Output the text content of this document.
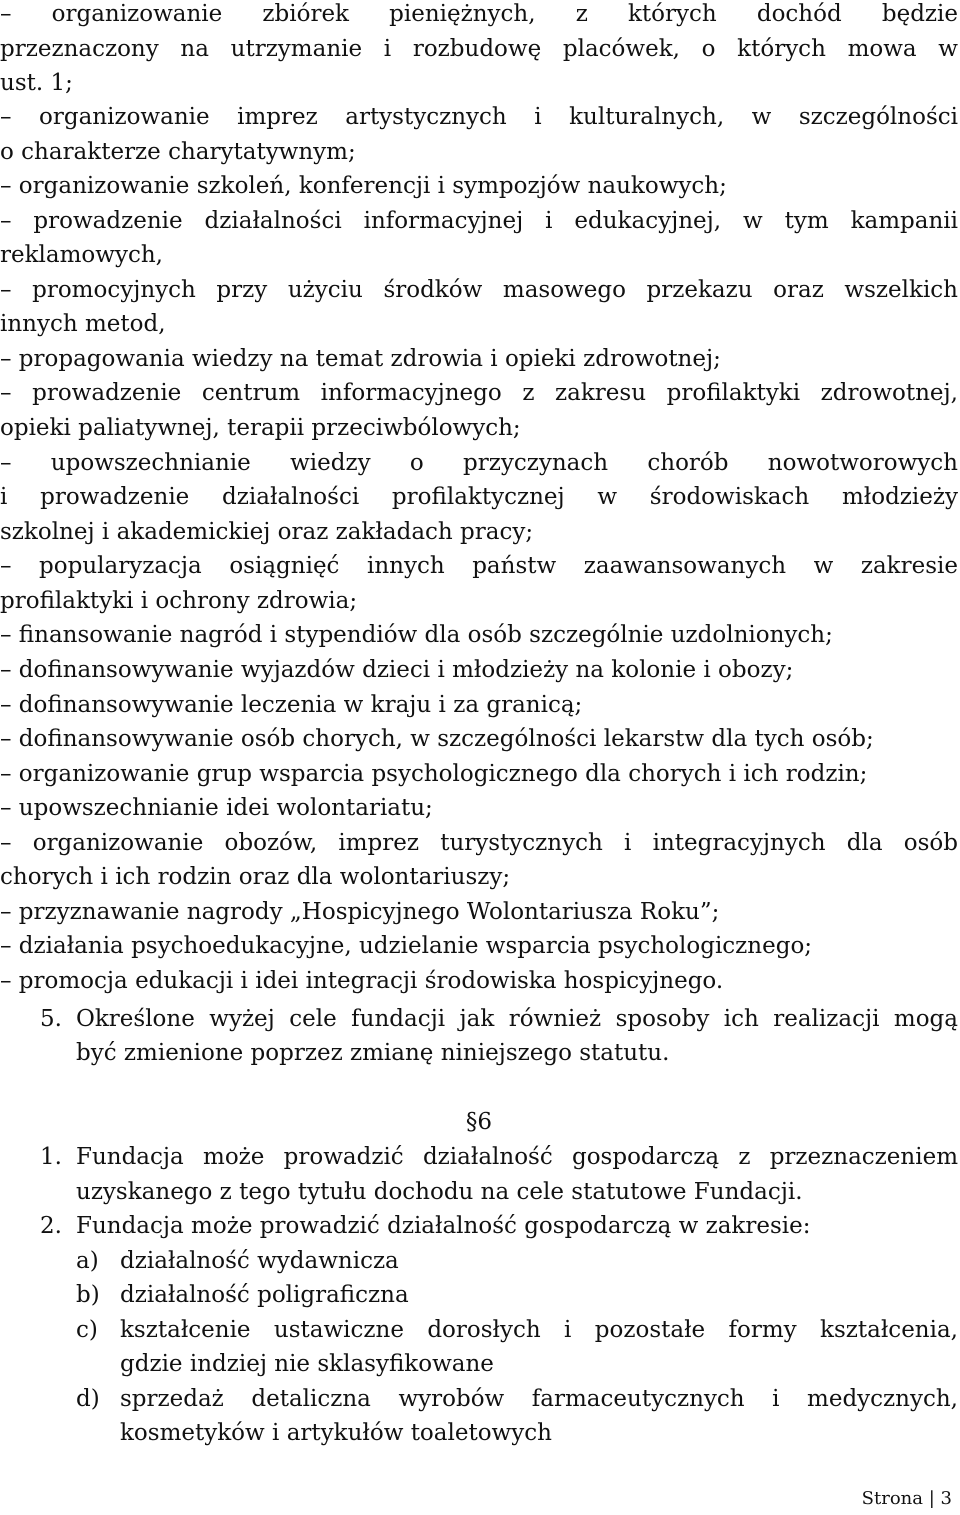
– organizowanie zbiórek pieniężnych, z których dochód będzie
przeznaczony na utrzymanie i rozbudowę placówek, o których mowa w
ust. 1;
– organizowanie imprez artystycznych i kulturalnych, w szczególności
o charakterze charytatywnym;
– organizowanie szkoleń, konferencji i sympozjów naukowych;
– prowadzenie działalności informacyjnej i edukacyjnej, w tym kampanii
reklamowych,
– promocyjnych przy użyciu środków masowego przekazu oraz wszelkich
innych metod,
– propagowania wiedzy na temat zdrowia i opieki zdrowotnej;
– prowadzenie centrum informacyjnego z zakresu profilaktyki zdrowotnej,
opieki paliatywnej, terapii przeciwbólowych;
– upowszechnianie wiedzy o przyczynach chorób nowotworowych
i prowadzenie działalności profilaktycznej w środowiskach młodzieży
szkolnej i akademickiej oraz zakładach pracy;
– popularyzacja osiągnięć innych państw zaawansowanych w zakresie
profilaktyki i ochrony zdrowia;
– finansowanie nagród i stypendiów dla osób szczególnie uzdolnionych;
– dofinansowywanie wyjazdów dzieci i młodzieży na kolonie i obozy;
– dofinansowywanie leczenia w kraju i za granicą;
– dofinansowywanie osób chorych, w szczególności lekarstw dla tych osób;
– organizowanie grup wsparcia psychologicznego dla chorych i ich rodzin;
– upowszechnianie idei wolontariatu;
– organizowanie obozów, imprez turystycznych i integracyjnych dla osób
chorych i ich rodzin oraz dla wolontariuszy;
– przyznawanie nagrody „Hospicyjnego Wolontariusza Roku”;
– działania psychoedukacyjne, udzielanie wsparcia psychologicznego;
– promocja edukacji i idei integracji środowiska hospicyjnego.
5. Określone wyżej cele fundacji jak również sposoby ich realizacji mogą
być zmienione poprzez zmianę niniejszego statutu.
§6
1. Fundacja może prowadzić działalność gospodarczą z przeznaczeniem
uzyskanego z tego tytułu dochodu na cele statutowe Fundacji.
2. Fundacja może prowadzić działalność gospodarczą w zakresie:
a) działalność wydawnicza
b) działalność poligraficzna
c) kształcenie ustawiczne dorosłych i pozostałe formy kształcenia,
gdzie indziej nie sklasyfikowane
d) sprzedaż detaliczna wyrobów farmaceutycznych i medycznych,
kosmetyków i artykułów toaletowych
Strona | 3
